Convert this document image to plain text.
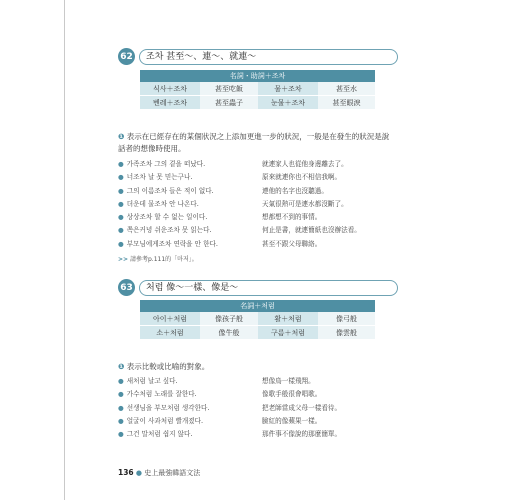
62	조차 甚至～、連～、就連～
名詞・助詞＋조차			
식사＋조차	甚至吃飯	물＋조차	甚至水
벤레＋조차	甚至蟲子	눈물＋조차	甚至眼淚
❶ 表示在已經存在的某個狀況之上添加更進一步的狀況，一般是在發生的狀況是說話者的想像時使用。
● 가족조차 그의 곁을 떠났다.	就連家人也從他身邊離去了。
● 너조차 날 못 믿는구나.	原來就連你也不相信我啊。
● 그의 이름조차 들은 적이 없다.	連他的名字也沒聽過。
● 더운데 물조차 안 나온다.	天氣很熱可是連水都沒斷了。
● 상상조차 할 수 없는 일이다.	想都想不到的事情。
● 쪽은커녕 쉬운조차 못 읽는다.	何止是書，就連簡紙也沒辦法看。
● 부모님에게조차 연락을 안 한다.	甚至不跟父母聯絡。
>> 請參考p.111的「마저」。
63	처럼 像～一樣、像是～
名詞＋처럼			
아이＋처럼	像孩子般	활＋처럼	像弓般
소＋처럼	像牛般	구름＋처럼	像雲般
❶ 表示比較或比喻的對象。
● 새처럼 날고 싶다.	想像鳥一樣飛翔。
● 가수처럼 노래를 잘한다.	像歌手般很會唱歌。
● 선생님을 부모처럼 생각한다.	把老師當成父母一樣看待。
● 얼굴이 사과처럼 빨개졌다.	臉紅的像蘋果一樣。
● 그건 말처럼 쉽지 않다.	那件事不像說的那麼簡單。
136 ● 史上最強韓語文法
